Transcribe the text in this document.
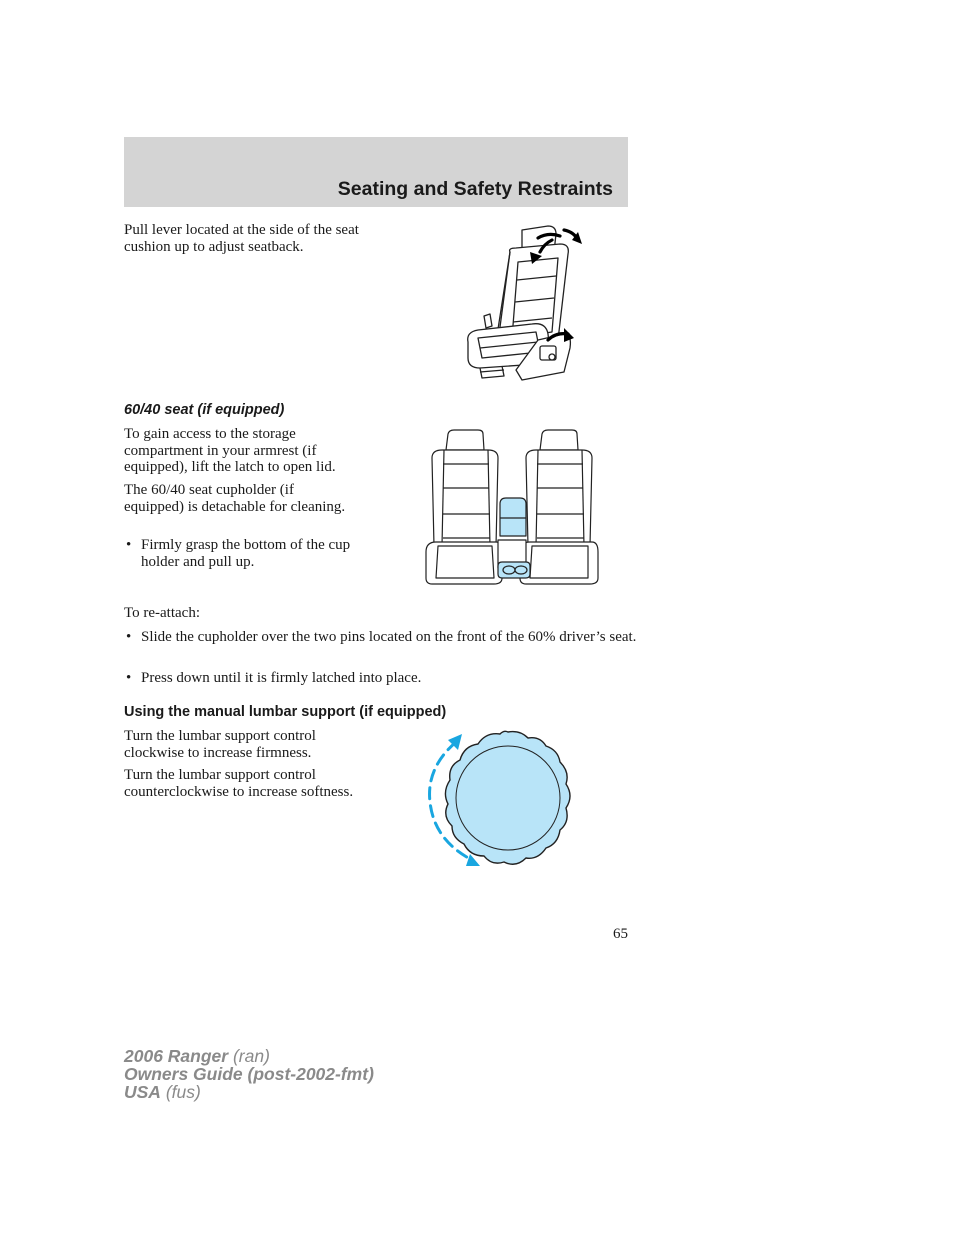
Seating and Safety Restraints

Pull lever located at the side of the seat cushion up to adjust seatback.

60/40 seat (if equipped)

To gain access to the storage compartment in your armrest (if equipped), lift the latch to open lid.

The 60/40 seat cupholder (if equipped) is detachable for cleaning.

• Firmly grasp the bottom of the cup holder and pull up.

To re-attach:

• Slide the cupholder over the two pins located on the front of the 60% driver’s seat.

• Press down until it is firmly latched into place.

Using the manual lumbar support (if equipped)

Turn the lumbar support control clockwise to increase firmness.

Turn the lumbar support control counterclockwise to increase softness.

65
2006 Ranger (ran)
Owners Guide (post-2002-fmt)
USA (fus)
